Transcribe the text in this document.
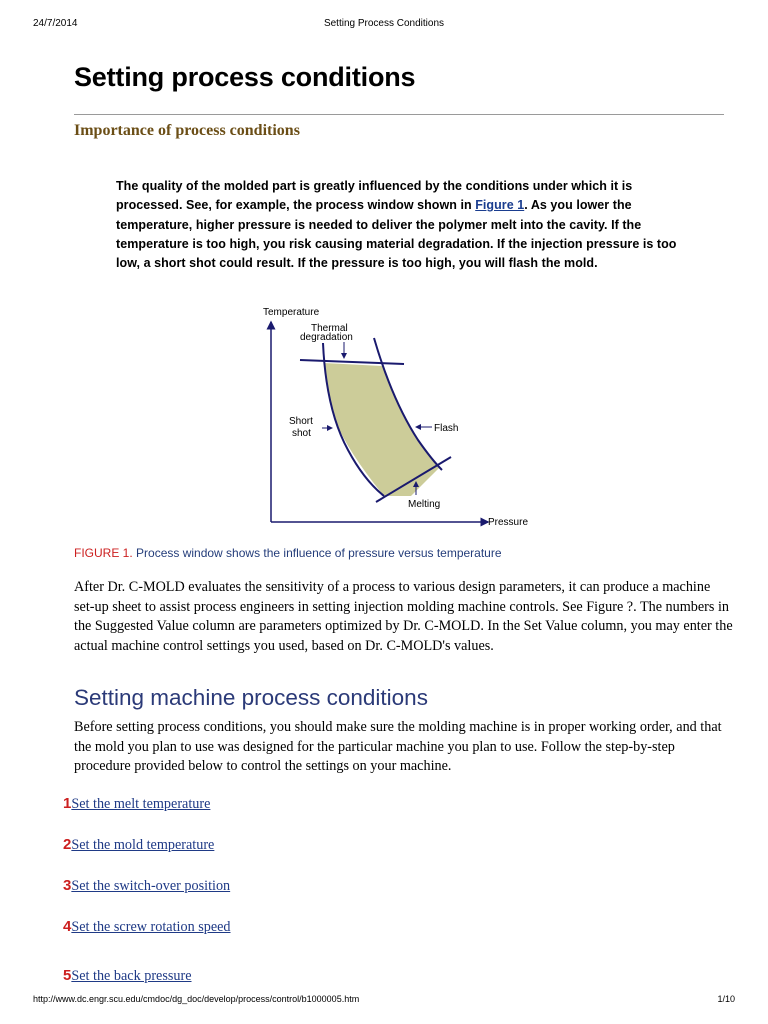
24/7/2014	Setting Process Conditions
Setting process conditions
Importance of process conditions

The quality of the molded part is greatly influenced by the conditions under which it is processed. See, for example, the process window shown in Figure 1. As you lower the temperature, higher pressure is needed to deliver the polymer melt into the cavity. If the temperature is too high, you risk causing material degradation. If the injection pressure is too low, a short shot could result. If the pressure is too high, you will flash the mold.

Temperature
Pressure
Thermal
degradation
Short
shot	Flash
Melting

FIGURE 1. Process window shows the influence of pressure versus temperature

After Dr. C-MOLD evaluates the sensitivity of a process to various design parameters, it can produce a machine set-up sheet to assist process engineers in setting injection molding machine controls. See Figure ?. The numbers in the Suggested Value column are parameters optimized by Dr. C-MOLD. In the Set Value column, you may enter the actual machine control settings you used, based on Dr. C-MOLD's values.

Setting machine process conditions

Before setting process conditions, you should make sure the molding machine is in proper working order, and that the mold you plan to use was designed for the particular machine you plan to use. Follow the step-by-step procedure provided below to control the settings on your machine.

1Set the melt temperature
2Set the mold temperature
3Set the switch-over position
4Set the screw rotation speed
5Set the back pressure
http://www.dc.engr.scu.edu/cmdoc/dg_doc/develop/process/control/b1000005.htm	1/10
